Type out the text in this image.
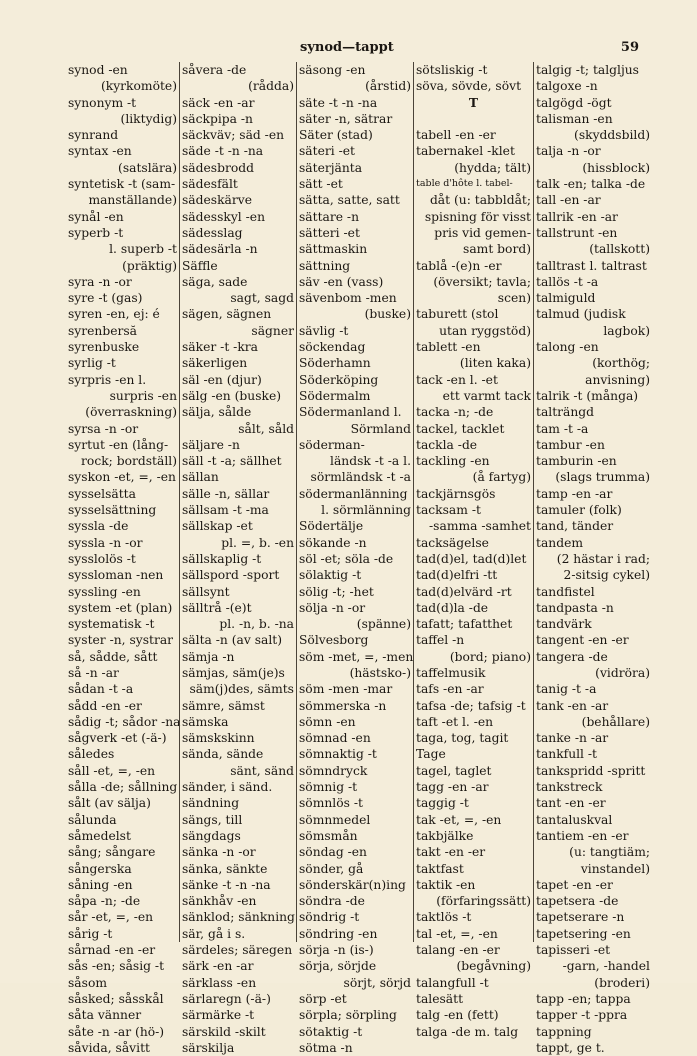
synod—tappt	59
synod -en
(kyrkomöte)
synonym -t
(liktydig)
synrand
syntax -en
(satslära)
syntetisk -t (sam-
manställande)
synål -en
syperb -t
l. superb -t
(präktig)
syra -n -or
syre -t (gas)
syren -en, ej: é
syrenbersă
syrenbuske
syrlig -t
syrpris -en l.
surpris -en
(överraskning)
syrsa -n -or
syrtut -en (lång-
rock; bordställ)
syskon -et, =, -en
sysselsätta
sysselsättning
syssla -de
syssla -n -or
sysslolös -t
syssloman -nen
syssling -en
system -et (plan)
systematisk -t
syster -n, systrar
så, sådde, sått
så -n -ar
sådan -t -a
sådd -en -er
sådig -t; sådor -na
sågverk -et (-ä-)
således
såll -et, =, -en
sålla -de; sållning
sålt (av sälja)
sålunda
såmedelst
sång; sångare
sångerska
såning -en
såpa -n; -de
sår -et, =, -en
sårig -t
sårnad -en -er
sås -en; såsig -t
såsom
såsked; såsskål
såta vänner
såte -n -ar (hö-)
såvida, såvitt
såvera -de
(rådda)
säck -en -ar
säckpipa -n
säckväv; säd -en
säde -t -n -na
sädesbrodd
sädesfält
sädeskärve
sädesskyl -en
sädesslag
sädesärla -n
Säffle
säga, sade
sagt, sagd
sägen, sägnen
sägner
säker -t -kra
säkerligen
säl -en (djur)
sälg -en (buske)
sälja, sålde
sålt, såld
säljare -n
säll -t -a; sällhet
sällan
sälle -n, sällar
sällsam -t -ma
sällskap -et
pl. =, b. -en
sällskaplig -t
sällspord -sport
sällsynt
sälltrå -(e)t
pl. -n, b. -na
sälta -n (av salt)
sämja -n
sämjas, säm(je)s
säm(j)des, sämts
sämre, sämst
sämska
sämskskinn
sända, sände
sänt, sänd
sänder, i sänd.
sändning
sängs, till
sängdags
sänka -n -or
sänka, sänkte
sänke -t -n -na
sänkhåv -en
sänklod; sänkning
sär, gå i s.
särdeles; säregen
särk -en -ar
särklass -en
särlaregn (-ä-)
särmärke -t
särskild -skilt
särskilja
säsong -en
(årstid)
säte -t -n -na
säter -n, sätrar
Säter (stad)
säteri -et
säterjänta
sätt -et
sätta, satte, satt
sättare -n
sätteri -et
sättmaskin
sättning
säv -en (vass)
sävenbom -men
(buske)
sävlig -t
söckendag
Söderhamn
Söderköping
Södermalm
Södermanland l.
Sörmland
söderman-
ländsk -t -a l.
sörmländsk -t -a
södermanlänning
l. sörmlänning
Södertälje
sökande -n
söl -et; söla -de
sölaktig -t
sölig -t; -het
sölja -n -or
(spänne)
Sölvesborg
söm -met, =, -men
(hästsko-)
söm -men -mar
sömmerska -n
sömn -en
sömnad -en
sömnaktig -t
sömndryck
sömnig -t
sömnlös -t
sömnmedel
sömsmån
söndag -en
sönder, gå
sönderskär(n)ing
söndra -de
söndrig -t
söndring -en
sörja -n (is-)
sörja, sörjde
sörjt, sörjd
sörp -et
sörpla; sörpling
sötaktig -t
sötma -n
sötsliskig -t
söva, sövde, sövt
T
tabell -en -er
tabernakel -klet
(hydda; tält)
table d'hôte l. tabel-
dåt (u: tabbldåt;
spisning för visst
pris vid gemen-
samt bord)
tablå -(e)n -er
(översikt; tavla;
scen)
taburett (stol
utan ryggstöd)
tablett -en
(liten kaka)
tack -en l. -et
ett varmt tack
tacka -n; -de
tackel, tacklet
tackla -de
tackling -en
(å fartyg)
tackjärnsgös
tacksam -t
-samma -samhet
tacksägelse
tad(d)el, tad(d)let
tad(d)elfri -tt
tad(d)elvärd -rt
tad(d)la -de
tafatt; tafatthet
taffel -n
(bord; piano)
taffelmusik
tafs -en -ar
tafsa -de; tafsig -t
taft -et l. -en
taga, tog, tagit
Tage
tagel, taglet
tagg -en -ar
taggig -t
tak -et, =, -en
takbjälke
takt -en -er
taktfast
taktik -en
(förfaringssätt)
taktlös -t
tal -et, =, -en
talang -en -er
(begåvning)
talangfull -t
talesätt
talg -en (fett)
talga -de m. talg
talgig -t; talgljus
talgoxe -n
talgögd -ögt
talisman -en
(skyddsbild)
talja -n -or
(hissblock)
talk -en; talka -de
tall -en -ar
tallrik -en -ar
tallstrunt -en
(tallskott)
talltrast l. taltrast
tallös -t -a
talmiguld
talmud (judisk
lagbok)
talong -en
(korthög;
anvisning)
talrik -t (många)
talträngd
tam -t -a
tambur -en
tamburin -en
(slags trumma)
tamp -en -ar
tamuler (folk)
tand, tänder
tandem
(2 hästar i rad;
2-sitsig cykel)
tandfistel
tandpasta -n
tandvärk
tangent -en -er
tangera -de
(vidröra)
tanig -t -a
tank -en -ar
(behållare)
tanke -n -ar
tankfull -t
tankspridd -spritt
tankstreck
tant -en -er
tantaluskval
tantiem -en -er
(u: tangtiäm;
vinstandel)
tapet -en -er
tapetsera -de
tapetserare -n
tapetsering -en
tapisseri -et
-garn, -handel
(broderi)
tapp -en; tappa
tapper -t -ppra
tappning
tappt, ge t.
